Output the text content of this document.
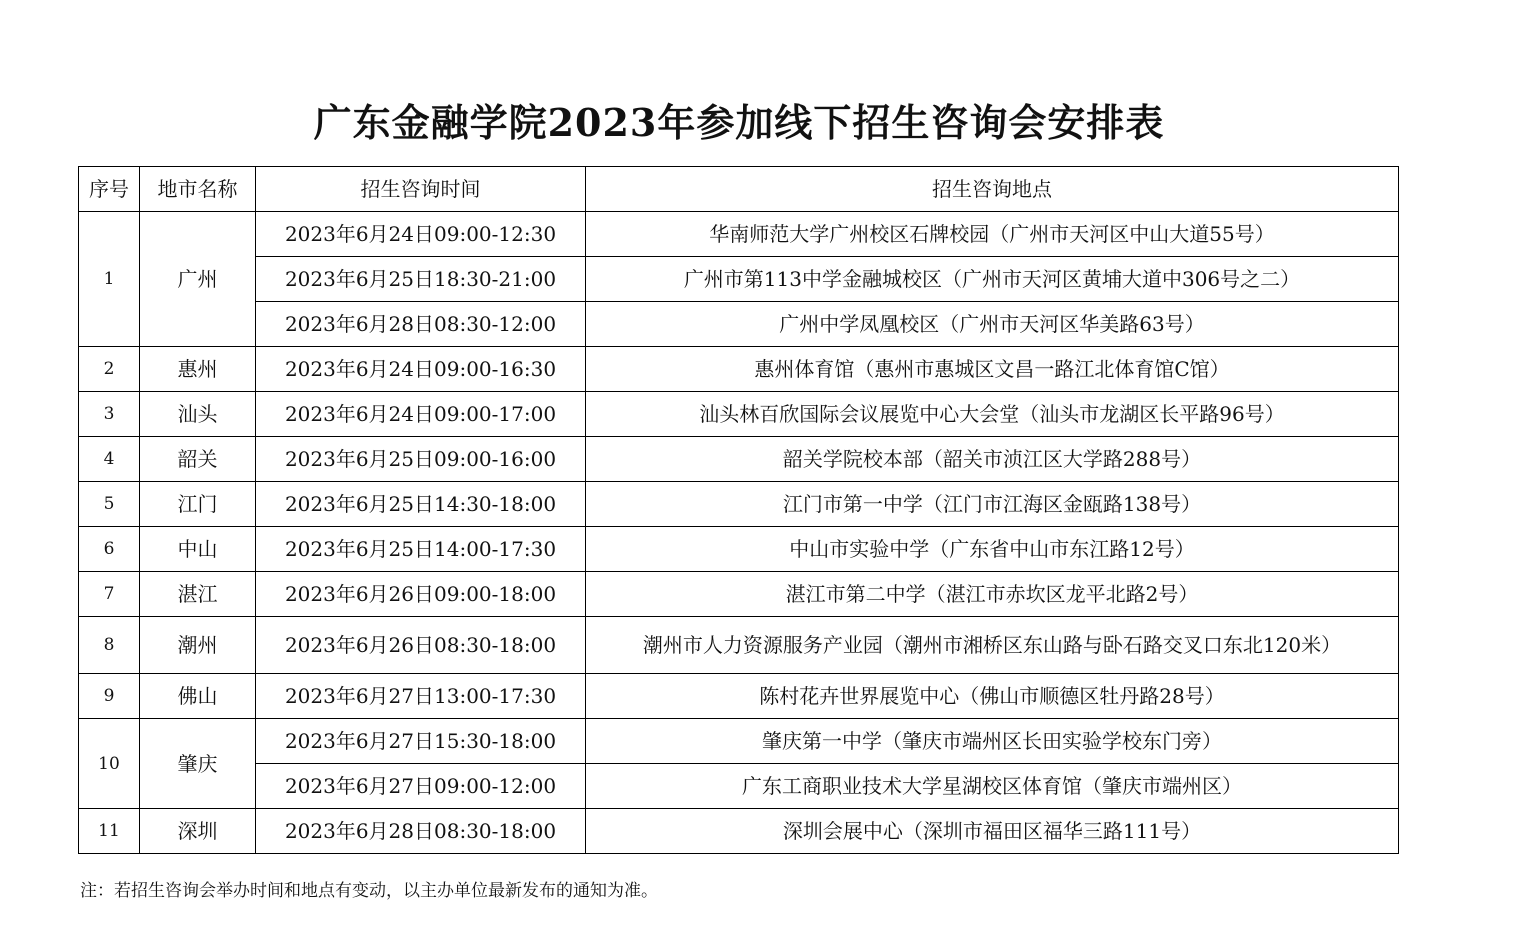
广东金融学院2023年参加线下招生咨询会安排表
序号	地市名称	招生咨询时间	招生咨询地点
1	广州	2023年6月24日09:00-12:30	华南师范大学广州校区石牌校园（广州市天河区中山大道55号）
		2023年6月25日18:30-21:00	广州市第113中学金融城校区（广州市天河区黄埔大道中306号之二）
		2023年6月28日08:30-12:00	广州中学凤凰校区（广州市天河区华美路63号）
2	惠州	2023年6月24日09:00-16:30	惠州体育馆（惠州市惠城区文昌一路江北体育馆C馆）
3	汕头	2023年6月24日09:00-17:00	汕头林百欣国际会议展览中心大会堂（汕头市龙湖区长平路96号）
4	韶关	2023年6月25日09:00-16:00	韶关学院校本部（韶关市浈江区大学路288号）
5	江门	2023年6月25日14:30-18:00	江门市第一中学（江门市江海区金瓯路138号）
6	中山	2023年6月25日14:00-17:30	中山市实验中学（广东省中山市东江路12号）
7	湛江	2023年6月26日09:00-18:00	湛江市第二中学（湛江市赤坎区龙平北路2号）
8	潮州	2023年6月26日08:30-18:00	潮州市人力资源服务产业园（潮州市湘桥区东山路与卧石路交叉口东北120米）
9	佛山	2023年6月27日13:00-17:30	陈村花卉世界展览中心（佛山市顺德区牡丹路28号）
10	肇庆	2023年6月27日15:30-18:00	肇庆第一中学（肇庆市端州区长田实验学校东门旁）
		2023年6月27日09:00-12:00	广东工商职业技术大学星湖校区体育馆（肇庆市端州区）
11	深圳	2023年6月28日08:30-18:00	深圳会展中心（深圳市福田区福华三路111号）
注：若招生咨询会举办时间和地点有变动，以主办单位最新发布的通知为准。
